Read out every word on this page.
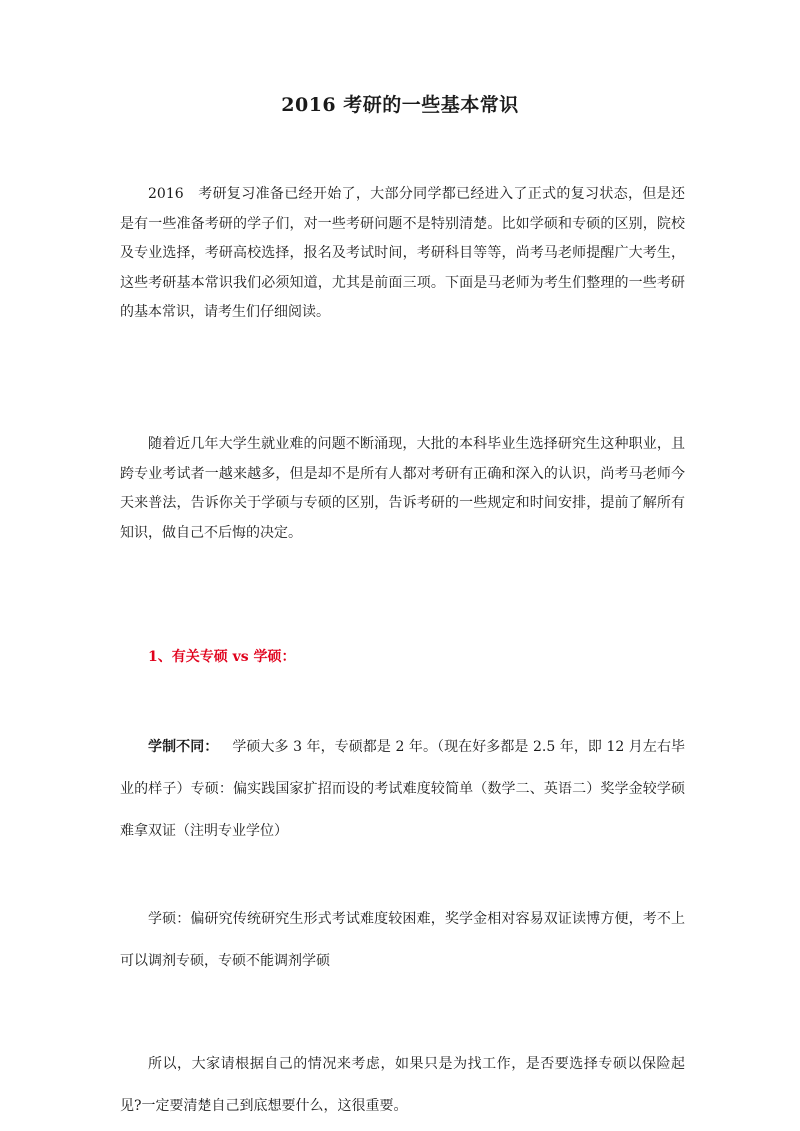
2016 考研的一些基本常识

2016　考研复习准备已经开始了，大部分同学都已经进入了正式的复习状态，但是还是有一些准备考研的学子们，对一些考研问题不是特别清楚。比如学硕和专硕的区别，院校及专业选择，考研高校选择，报名及考试时间，考研科目等等，尚考马老师提醒广大考生，这些考研基本常识我们必须知道，尤其是前面三项。下面是马老师为考生们整理的一些考研的基本常识，请考生们仔细阅读。

随着近几年大学生就业难的问题不断涌现，大批的本科毕业生选择研究生这种职业，且跨专业考试者一越来越多，但是却不是所有人都对考研有正确和深入的认识，尚考马老师今天来普法，告诉你关于学硕与专硕的区别，告诉考研的一些规定和时间安排，提前了解所有知识，做自己不后悔的决定。

1、有关专硕 vs 学硕：

学制不同： 学硕大多 3 年，专硕都是 2 年。（现在好多都是 2.5 年，即 12 月左右毕业的样子）专硕：偏实践国家扩招而设的考试难度较简单（数学二、英语二）奖学金较学硕难拿双证（注明专业学位）

学硕：偏研究传统研究生形式考试难度较困难，奖学金相对容易双证读博方便，考不上可以调剂专硕，专硕不能调剂学硕

所以，大家请根据自己的情况来考虑，如果只是为找工作，是否要选择专硕以保险起见?一定要清楚自己到底想要什么，这很重要。
